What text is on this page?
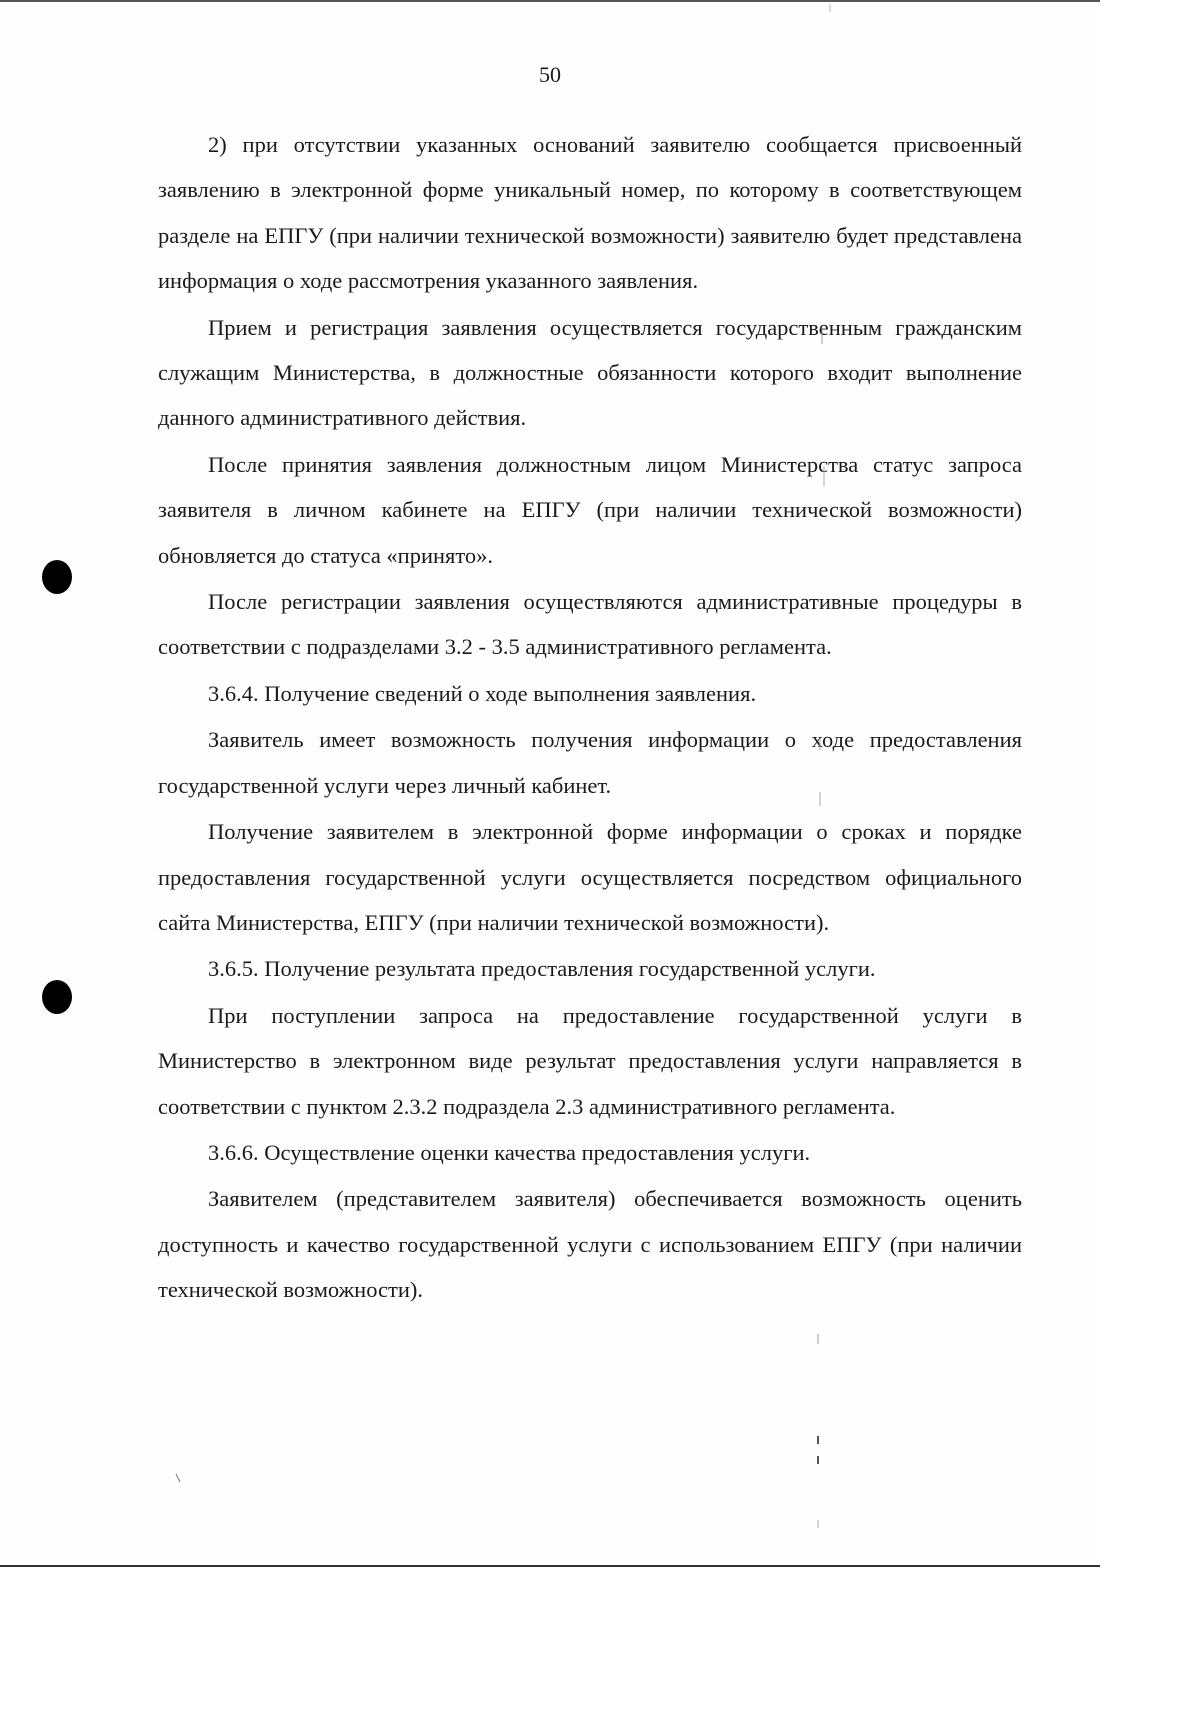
50

2) при отсутствии указанных оснований заявителю сообщается присвоенный заявлению в электронной форме уникальный номер, по которому в соответствующем разделе на ЕПГУ (при наличии технической возможности) заявителю будет представлена информация о ходе рассмотрения указанного заявления.

Прием и регистрация заявления осуществляется государственным гражданским служащим Министерства, в должностные обязанности которого входит выполнение данного административного действия.

После принятия заявления должностным лицом Министерства статус запроса заявителя в личном кабинете на ЕПГУ (при наличии технической возможности) обновляется до статуса «принято».

После регистрации заявления осуществляются административные процедуры в соответствии с подразделами 3.2 - 3.5 административного регламента.

3.6.4. Получение сведений о ходе выполнения заявления.

Заявитель имеет возможность получения информации о ходе предоставления государственной услуги через личный кабинет.

Получение заявителем в электронной форме информации о сроках и порядке предоставления государственной услуги осуществляется посредством официального сайта Министерства, ЕПГУ (при наличии технической возможности).

3.6.5. Получение результата предоставления государственной услуги.

При поступлении запроса на предоставление государственной услуги в Министерство в электронном виде результат предоставления услуги направляется в соответствии с пунктом 2.3.2 подраздела 2.3 административного регламента.

3.6.6. Осуществление оценки качества предоставления услуги.

Заявителем (представителем заявителя) обеспечивается возможность оценить доступность и качество государственной услуги с использованием ЕПГУ (при наличии технической возможности).
